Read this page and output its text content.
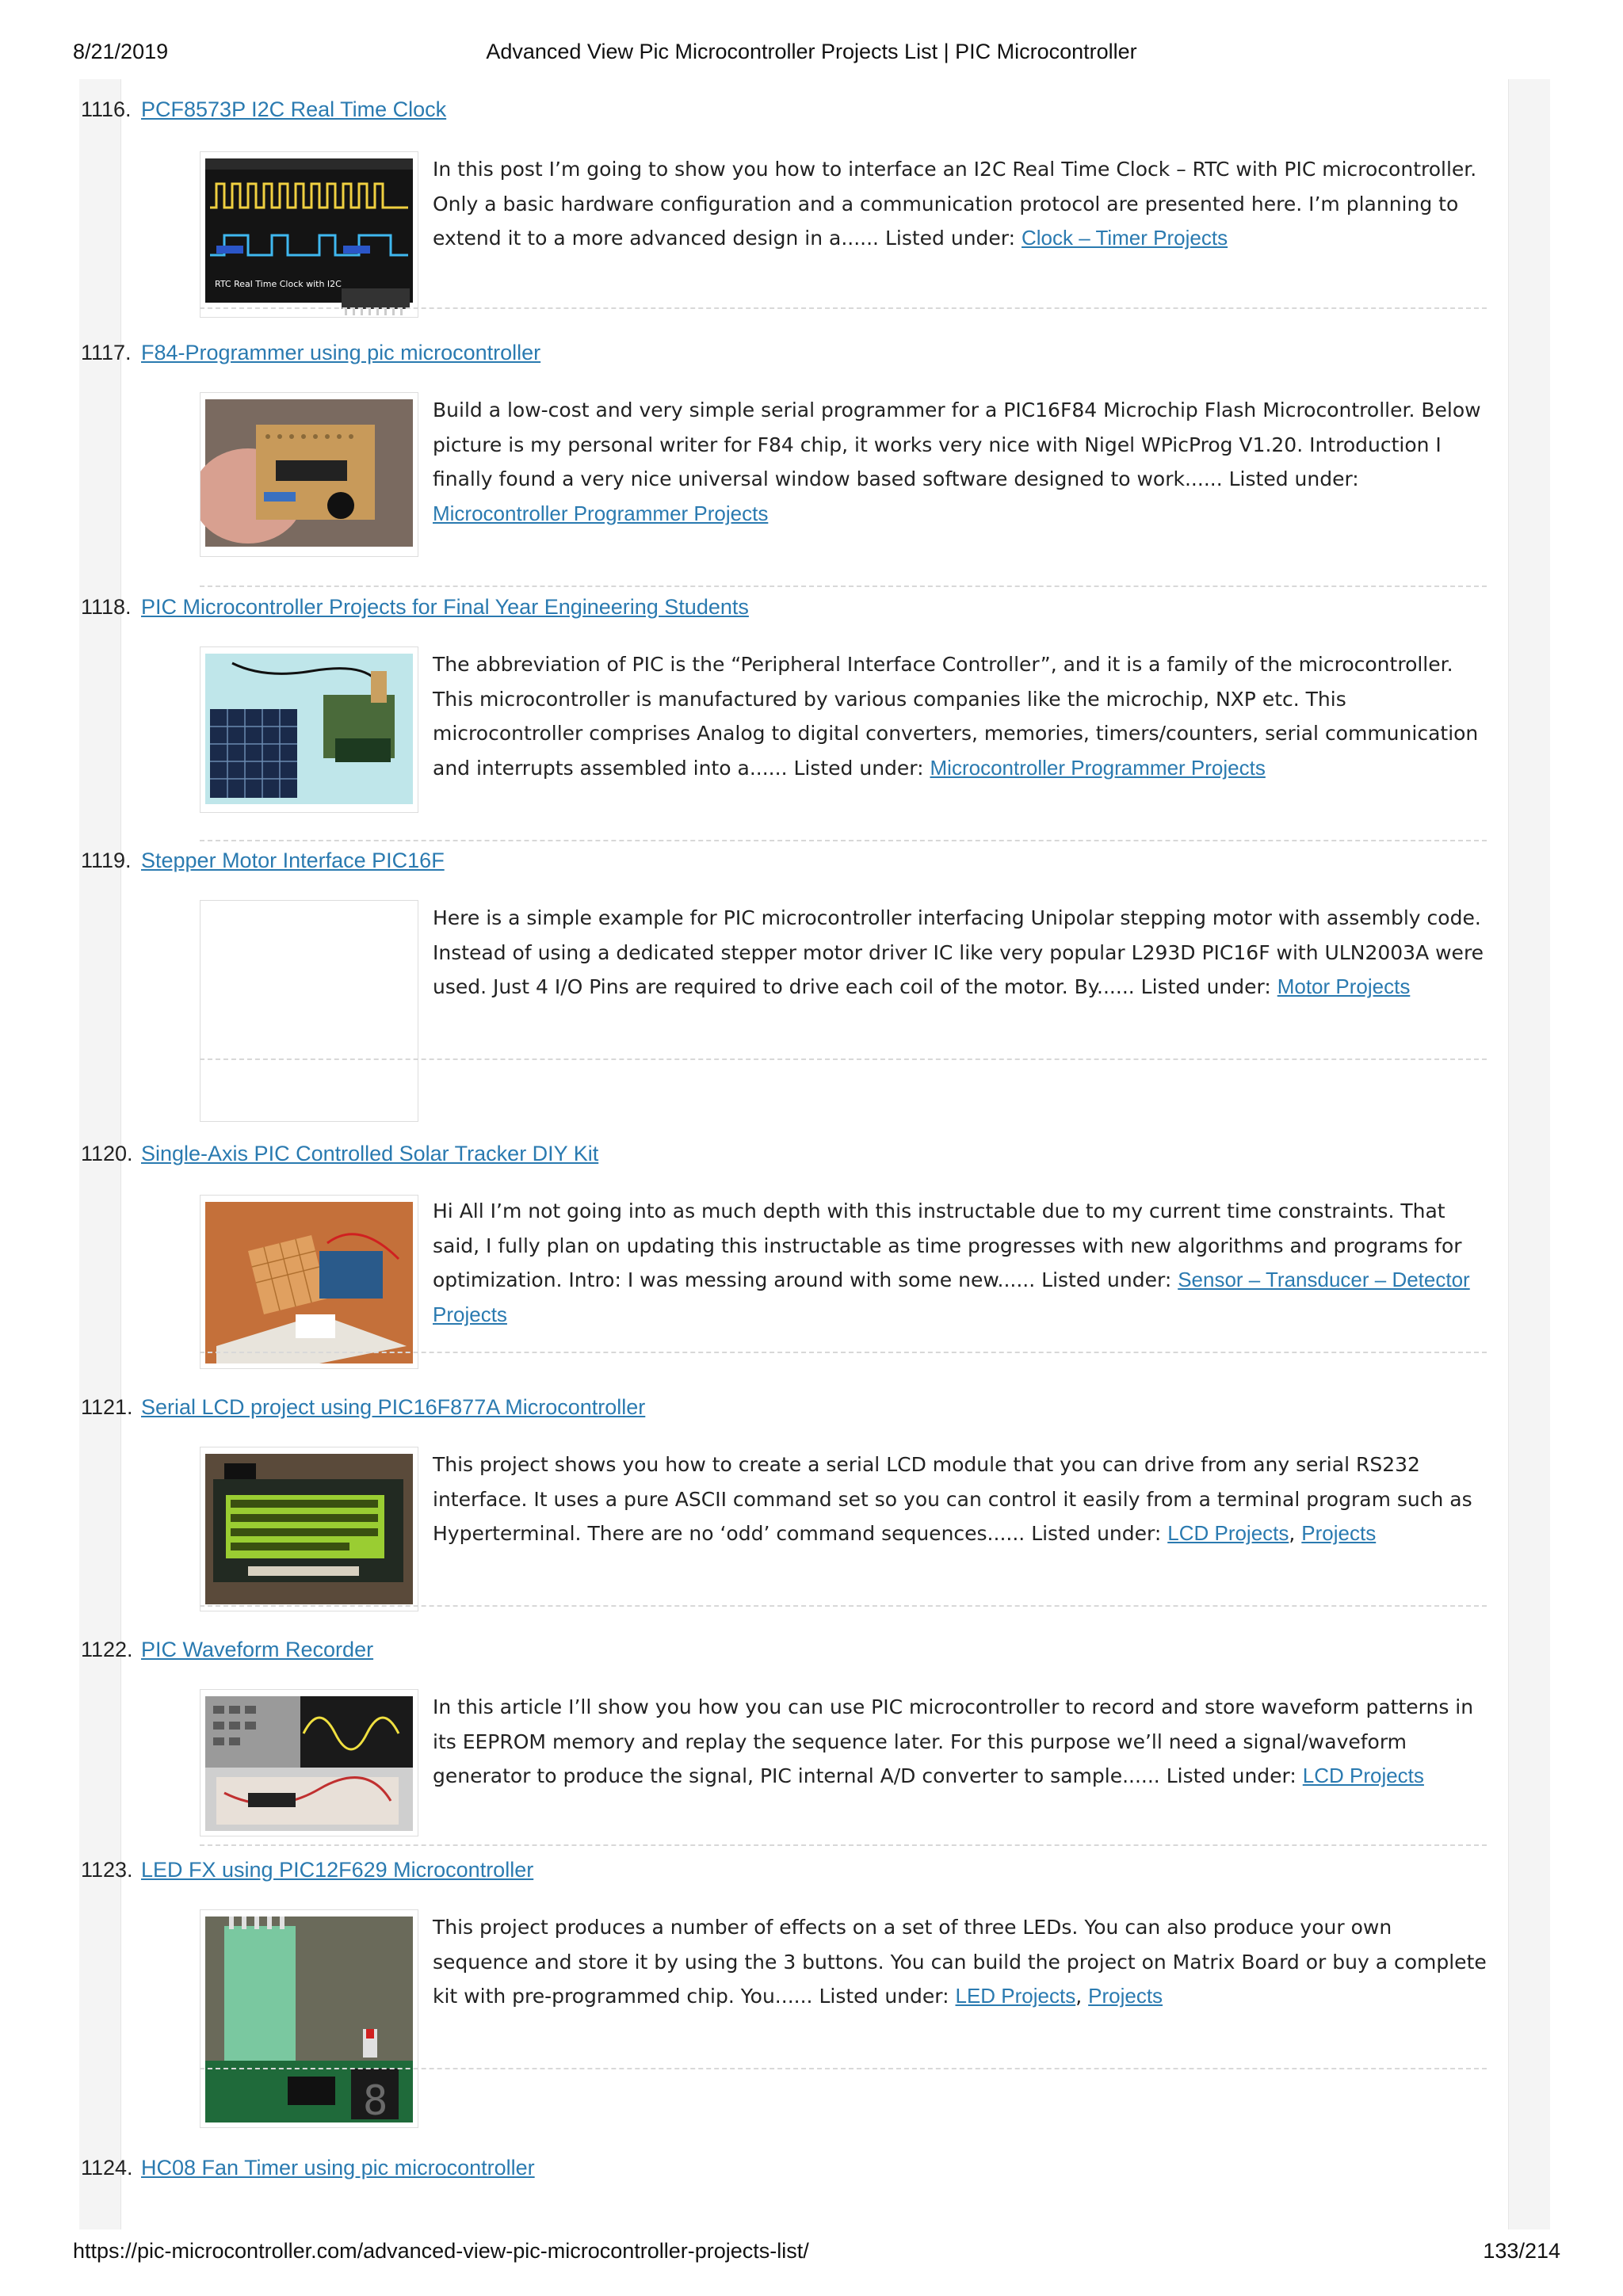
8/21/2019	Advanced View Pic Microcontroller Projects List | PIC Microcontroller
1116. PCF8573P I2C Real Time Clock
RTC Real Time Clock with I2C
In this post I’m going to show you how to interface an I2C Real Time Clock – RTC with PIC microcontroller. Only a basic hardware configuration and a communication protocol are presented here. I’m planning to extend it to a more advanced design in a...... Listed under: Clock – Timer Projects
1117. F84-Programmer using pic microcontroller
Build a low-cost and very simple serial programmer for a PIC16F84 Microchip Flash Microcontroller. Below picture is my personal writer for F84 chip, it works very nice with Nigel WPicProg V1.20. Introduction I finally found a very nice universal window based software designed to work...... Listed under: Microcontroller Programmer Projects
1118. PIC Microcontroller Projects for Final Year Engineering Students
The abbreviation of PIC is the “Peripheral Interface Controller”, and it is a family of the microcontroller. This microcontroller is manufactured by various companies like the microchip, NXP etc. This microcontroller comprises Analog to digital converters, memories, timers/counters, serial communication and interrupts assembled into a...... Listed under: Microcontroller Programmer Projects
1119. Stepper Motor Interface PIC16F
Here is a simple example for PIC microcontroller interfacing Unipolar stepping motor with assembly code. Instead of using a dedicated stepper motor driver IC like very popular L293D PIC16F with ULN2003A were used. Just 4 I/O Pins are required to drive each coil of the motor. By...... Listed under: Motor Projects
1120. Single-Axis PIC Controlled Solar Tracker DIY Kit
Hi All I’m not going into as much depth with this instructable due to my current time constraints. That said, I fully plan on updating this instructable as time progresses with new algorithms and programs for optimization. Intro: I was messing around with some new...... Listed under: Sensor – Transducer – Detector Projects
1121. Serial LCD project using PIC16F877A Microcontroller
This project shows you how to create a serial LCD module that you can drive from any serial RS232 interface. It uses a pure ASCII command set so you can control it easily from a terminal program such as Hyperterminal. There are no ‘odd’ command sequences...... Listed under: LCD Projects, Projects
1122. PIC Waveform Recorder
In this article I’ll show you how you can use PIC microcontroller to record and store waveform patterns in its EEPROM memory and replay the sequence later. For this purpose we’ll need a signal/waveform generator to produce the signal, PIC internal A/D converter to sample...... Listed under: LCD Projects
1123. LED FX using PIC12F629 Microcontroller
8
This project produces a number of effects on a set of three LEDs. You can also produce your own sequence and store it by using the 3 buttons. You can build the project on Matrix Board or buy a complete kit with pre-programmed chip. You...... Listed under: LED Projects, Projects
1124. HC08 Fan Timer using pic microcontroller
https://pic-microcontroller.com/advanced-view-pic-microcontroller-projects-list/	133/214
